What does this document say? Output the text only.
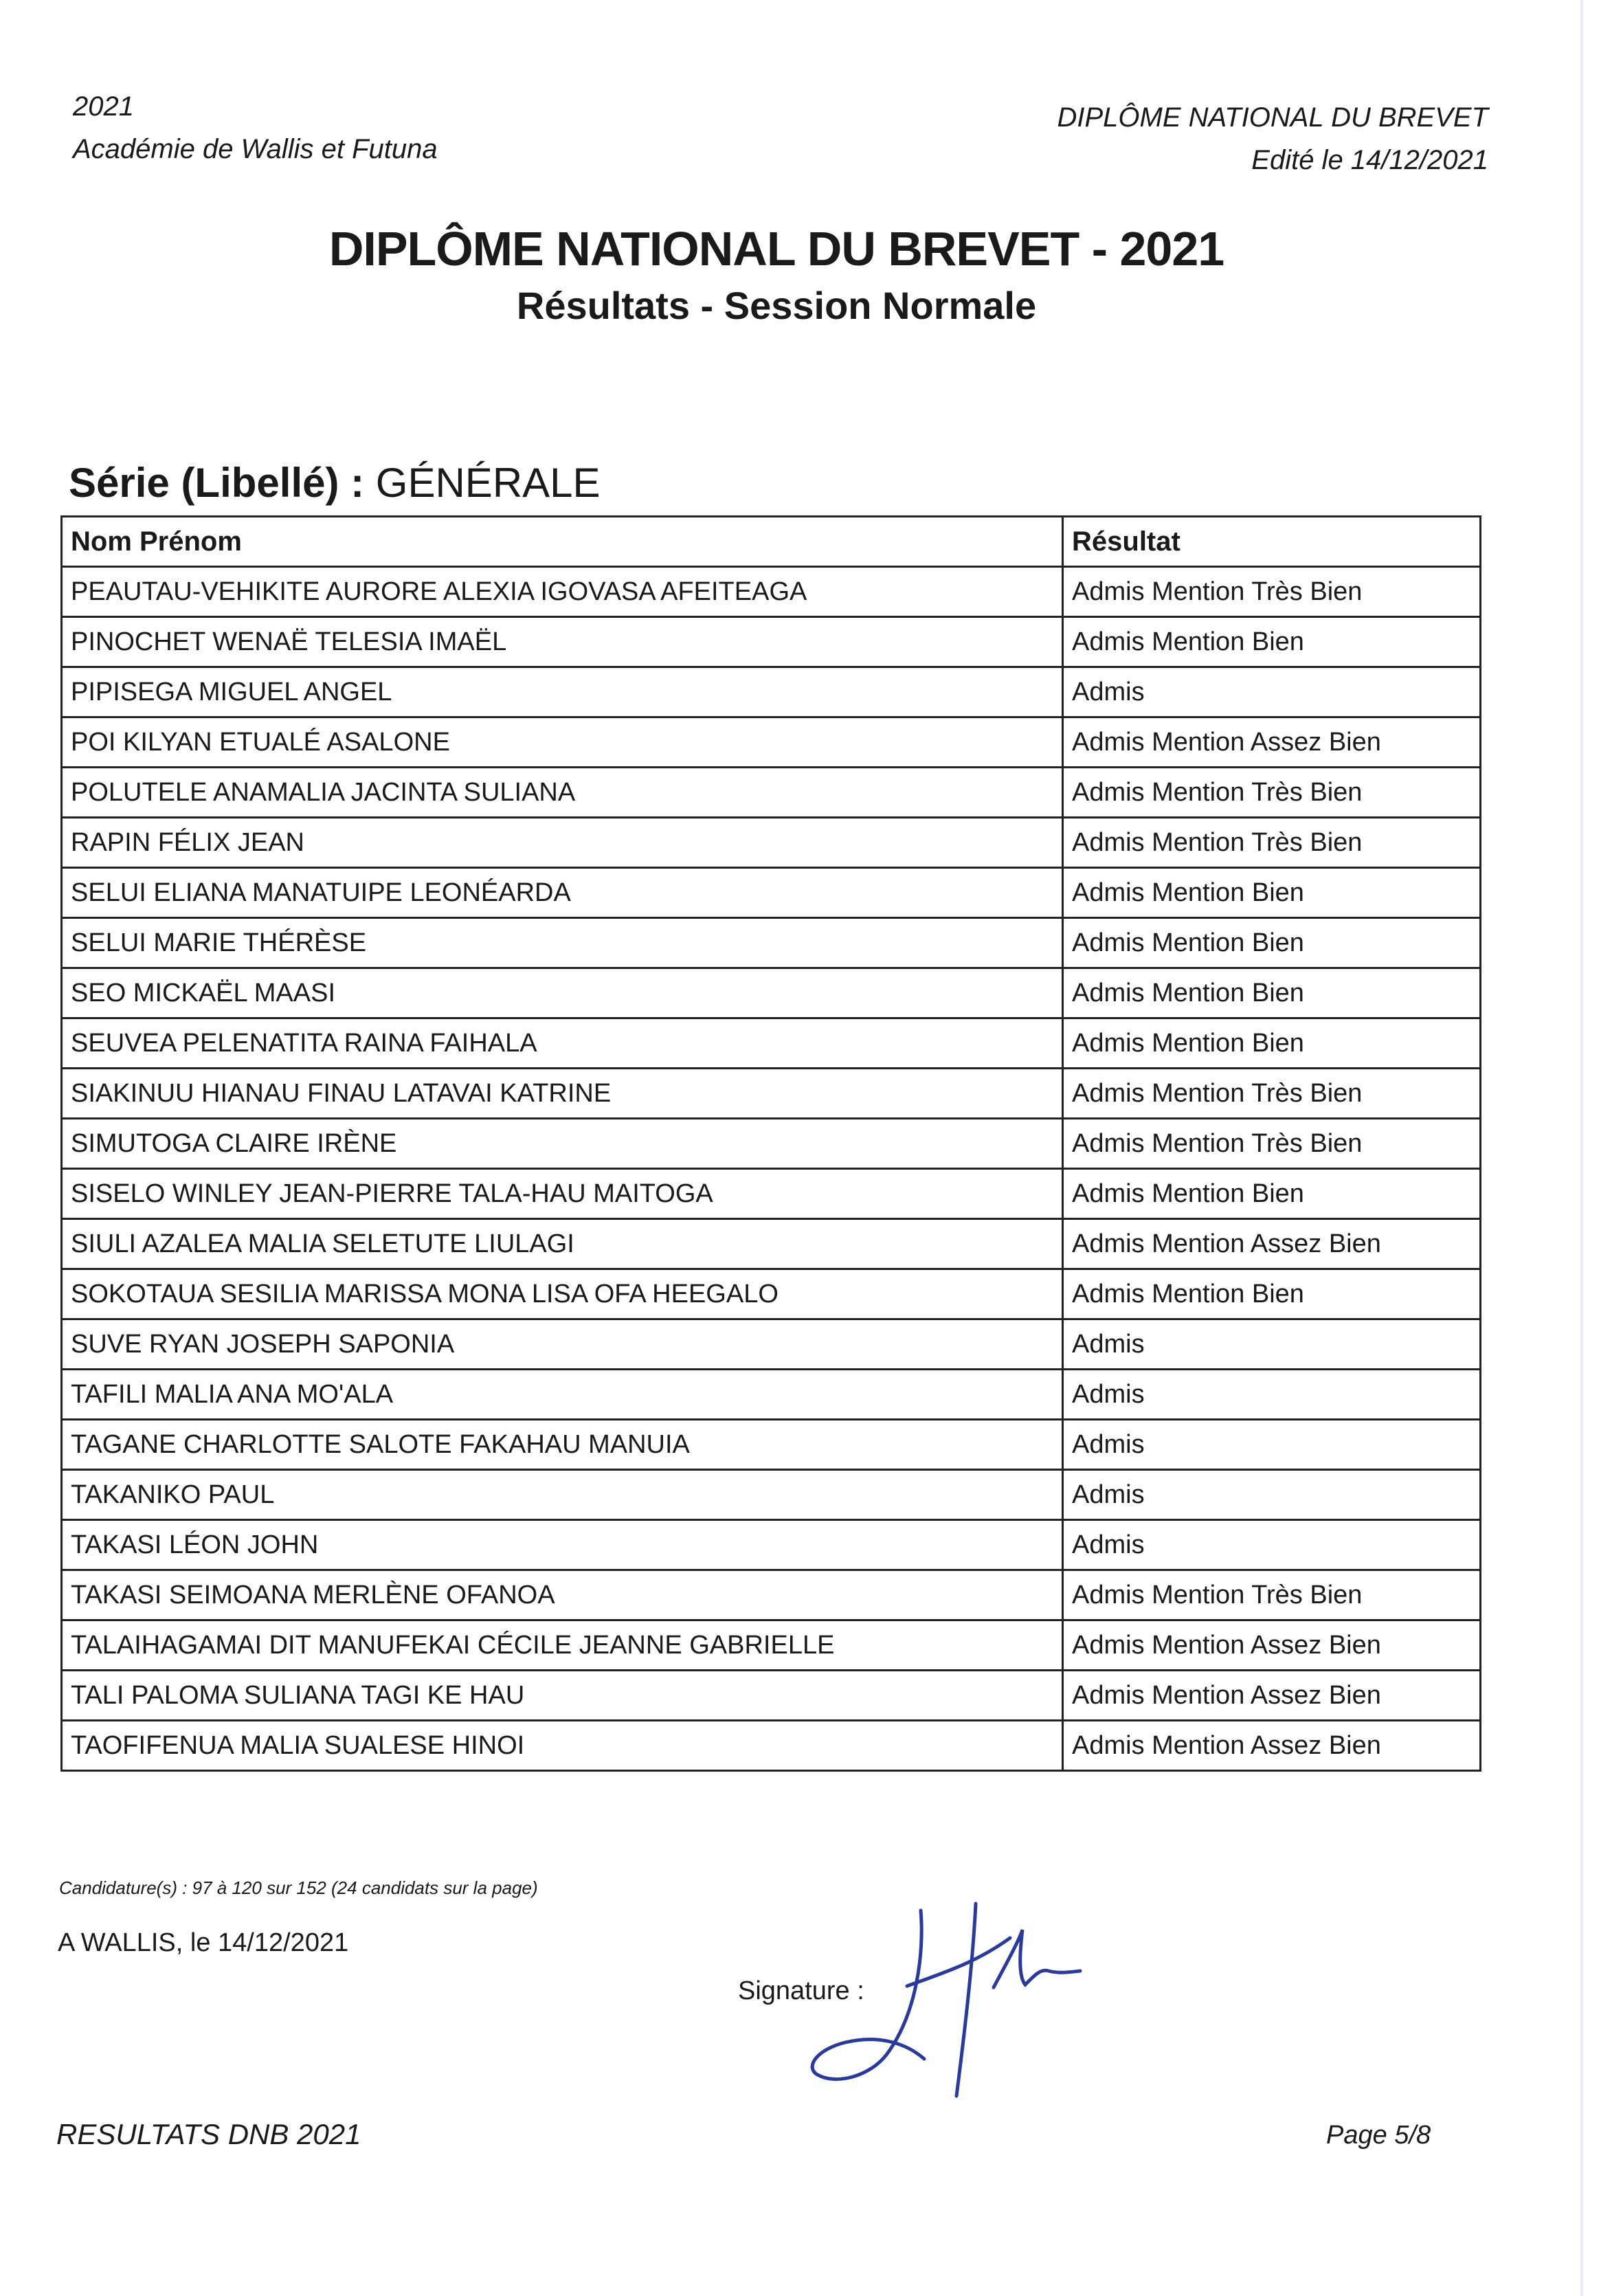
2021
Académie de Wallis et Futuna
DIPLÔME NATIONAL DU BREVET
Edité le 14/12/2021
DIPLÔME NATIONAL DU BREVET - 2021
Résultats - Session Normale
Série (Libellé) : GÉNÉRALE
Nom Prénom	Résultat
PEAUTAU-VEHIKITE AURORE ALEXIA IGOVASA AFEITEAGA	Admis Mention Très Bien
PINOCHET WENAË TELESIA IMAËL	Admis Mention Bien
PIPISEGA MIGUEL ANGEL	Admis
POI KILYAN ETUALÉ ASALONE	Admis Mention Assez Bien
POLUTELE ANAMALIA JACINTA SULIANA	Admis Mention Très Bien
RAPIN FÉLIX JEAN	Admis Mention Très Bien
SELUI ELIANA MANATUIPE LEONÉARDA	Admis Mention Bien
SELUI MARIE THÉRÈSE	Admis Mention Bien
SEO MICKAËL MAASI	Admis Mention Bien
SEUVEA PELENATITA RAINA FAIHALA	Admis Mention Bien
SIAKINUU HIANAU FINAU LATAVAI KATRINE	Admis Mention Très Bien
SIMUTOGA CLAIRE IRÈNE	Admis Mention Très Bien
SISELO WINLEY JEAN-PIERRE TALA-HAU MAITOGA	Admis Mention Bien
SIULI AZALEA MALIA SELETUTE LIULAGI	Admis Mention Assez Bien
SOKOTAUA SESILIA MARISSA MONA LISA OFA HEEGALO	Admis Mention Bien
SUVE RYAN JOSEPH SAPONIA	Admis
TAFILI MALIA ANA MO'ALA	Admis
TAGANE CHARLOTTE SALOTE FAKAHAU MANUIA	Admis
TAKANIKO PAUL	Admis
TAKASI LÉON JOHN	Admis
TAKASI SEIMOANA MERLÈNE OFANOA	Admis Mention Très Bien
TALAIHAGAMAI DIT MANUFEKAI CÉCILE JEANNE GABRIELLE	Admis Mention Assez Bien
TALI PALOMA SULIANA TAGI KE HAU	Admis Mention Assez Bien
TAOFIFENUA MALIA SUALESE HINOI	Admis Mention Assez Bien
Candidature(s) : 97 à 120 sur 152 (24 candidats sur la page)
A WALLIS, le 14/12/2021
Signature :
RESULTATS DNB 2021	Page 5/8
